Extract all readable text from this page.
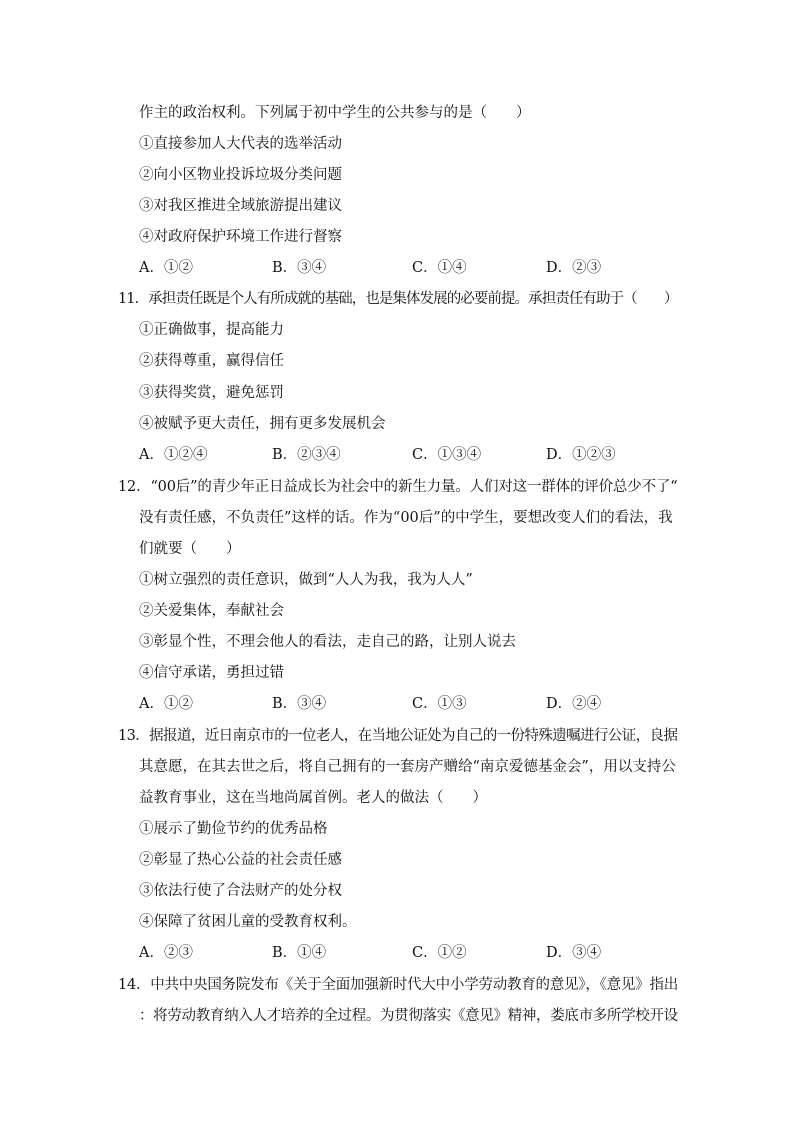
作主的政治权利。下列属于初中学生的公共参与的是（　　）
①直接参加人大代表的选举活动
②向小区物业投诉垃圾分类问题
③对我区推进全域旅游提出建议
④对政府保护环境工作进行督察
A．①②	B．③④	C．①④	D．②③
11．承担责任既是个人有所成就的基础，也是集体发展的必要前提。承担责任有助于（　　）
①正确做事，提高能力
②获得尊重，赢得信任
③获得奖赏，避免惩罚
④被赋予更大责任，拥有更多发展机会
A．①②④	B．②③④	C．①③④	D．①②③
12．“00后”的青少年正日益成长为社会中的新生力量。人们对这一群体的评价总少不了“
没有责任感，不负责任”这样的话。作为“00后”的中学生，要想改变人们的看法，我
们就要（　　）
①树立强烈的责任意识，做到“人人为我，我为人人”
②关爱集体，奉献社会
③彰显个性，不理会他人的看法，走自己的路，让别人说去
④信守承诺，勇担过错
A．①②	B．③④	C．①③	D．②④
13．据报道，近日南京市的一位老人，在当地公证处为自己的一份特殊遗嘱进行公证，良据
其意愿，在其去世之后，将自己拥有的一套房产赠给“南京爱德基金会”，用以支持公
益教育事业，这在当地尚属首例。老人的做法（　　）
①展示了勤俭节约的优秀品格
②彰显了热心公益的社会责任感
③依法行使了合法财产的处分权
④保障了贫困儿童的受教育权利。
A．②③	B．①④	C．①②	D．③④
14．中共中央国务院发布《关于全面加强新时代大中小学劳动教育的意见》，《意见》指出
：将劳动教育纳入人才培养的全过程。为贯彻落实《意见》精神，娄底市多所学校开设
